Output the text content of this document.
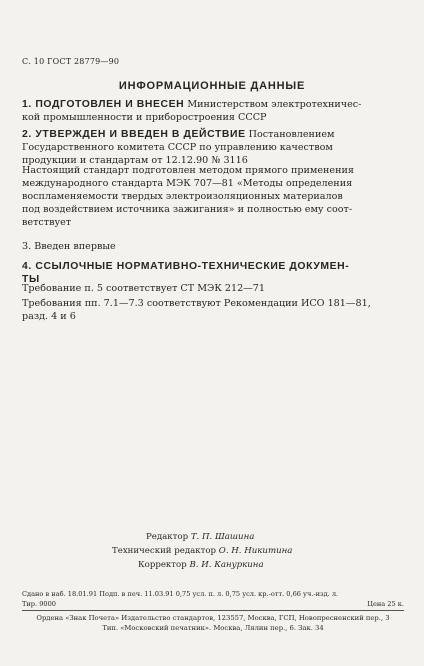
С. 10 ГОСТ 28779—90
ИНФОРМАЦИОННЫЕ ДАННЫЕ
1. ПОДГОТОВЛЕН И ВНЕСЕН Министерством электротехничес-
кой промышленности и приборостроения СССР
2. УТВЕРЖДЕН И ВВЕДЕН В ДЕЙСТВИЕ Постановлением
Государственного комитета СССР по управлению качеством
продукции и стандартам от 12.12.90 № 3116
Настоящий стандарт подготовлен методом прямого применения
международного стандарта МЭК 707—81 «Методы определения
воспламеняемости твердых электроизоляционных материалов
под воздействием источника зажигания» и полностью ему соот-
ветствует
3. Введен впервые
4. ССЫЛОЧНЫЕ НОРМАТИВНО-ТЕХНИЧЕСКИЕ ДОКУМЕН-
ТЫ
Требование п. 5 соответствует СТ МЭК 212—71
Требования пп. 7.1—7.3 соответствуют Рекомендации ИСО 181—81,
разд. 4 и 6
Редактор Т. П. Шашина
Технический редактор О. Н. Никитина
Корректор В. И. Кануркина
Сдано в наб. 18.01.91 Подп. в печ. 11.03.91 0,75 усл. п. л. 0,75 усл. кр.-отт. 0,66 уч.-изд. л.
Тир. 9000	Цена 25 к.
Ордена «Знак Почета» Издательство стандартов, 123557, Москва, ГСП, Новопресненский пер., 3
Тип. «Московский печатник». Москва, Лялин пер., 6. Зак. 34
